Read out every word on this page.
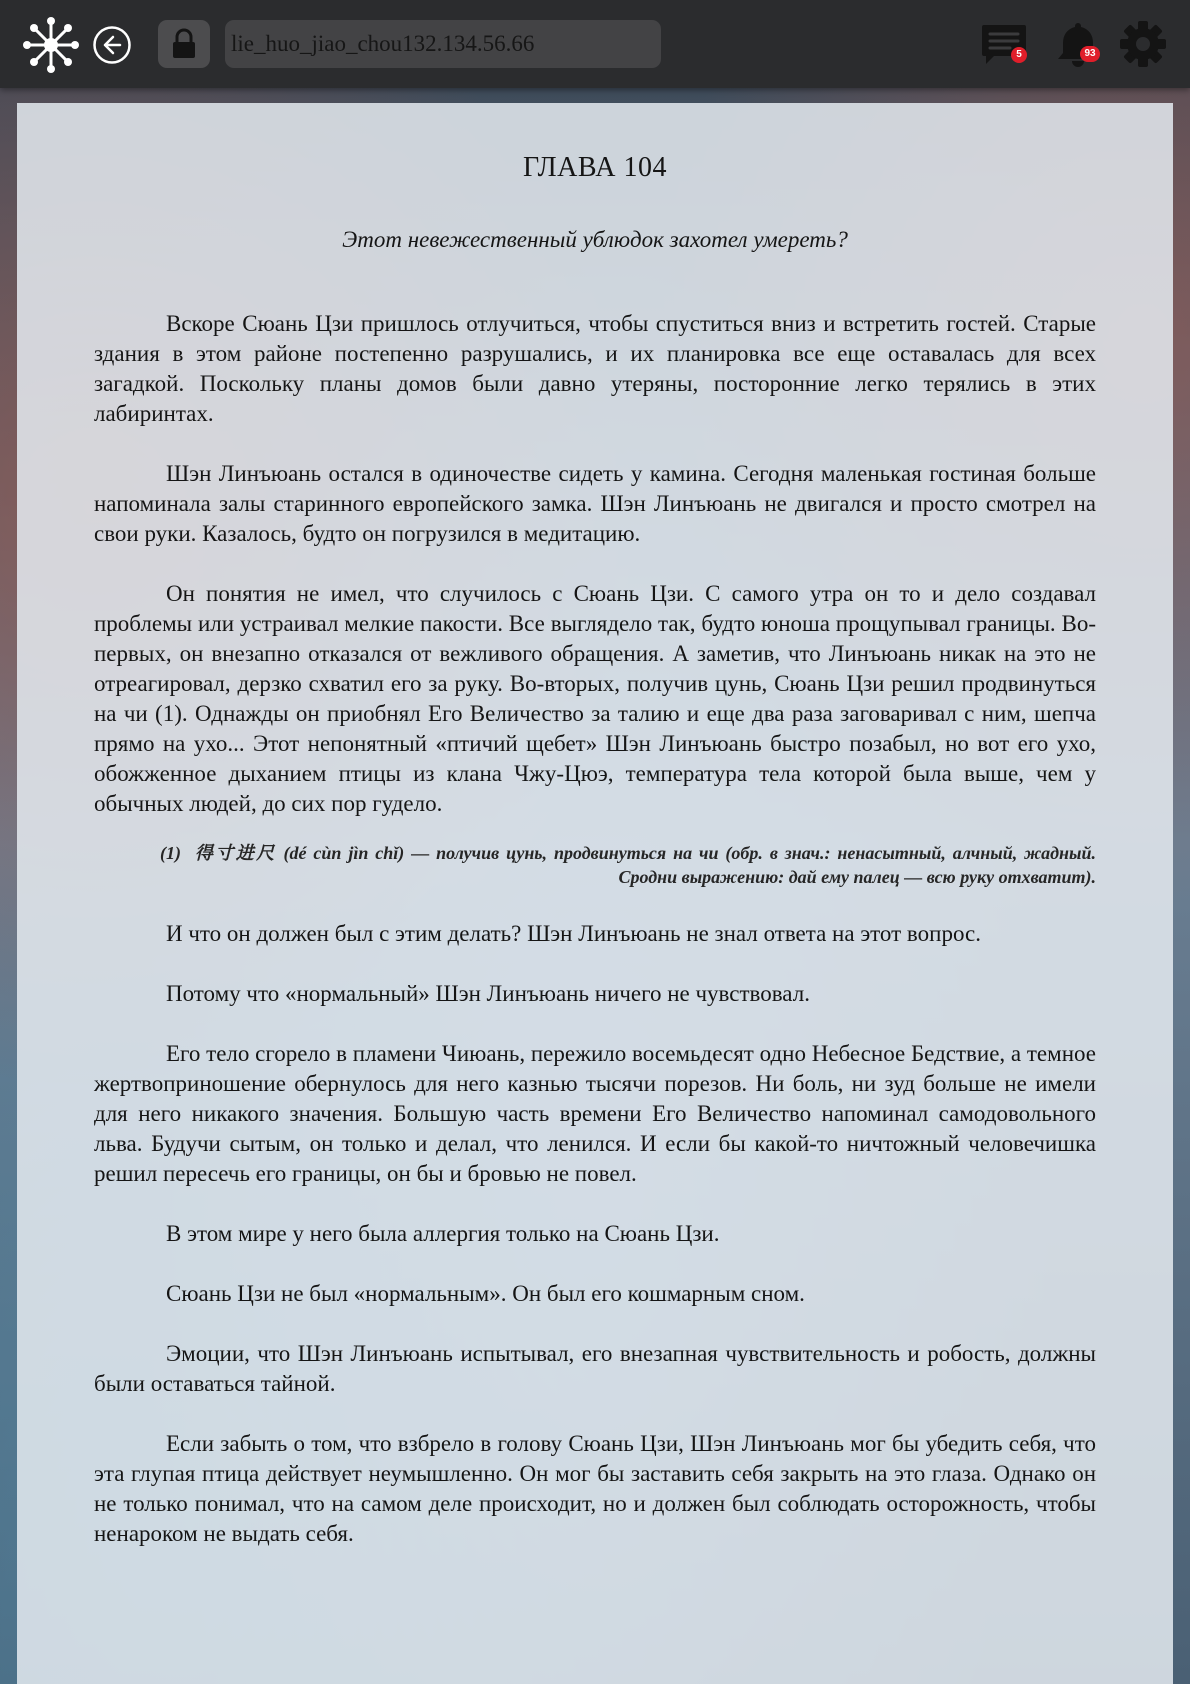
lie_huo_jiao_chou132.134.56.66	5	93
ГЛАВА 104

Этот невежественный ублюдок захотел умереть?

Вскоре Сюань Цзи пришлось отлучиться, чтобы спуститься вниз и встретить гостей. Старые здания в этом районе постепенно разрушались, и их планировка все еще оставалась для всех загадкой. Поскольку планы домов были давно утеряны, посторонние легко терялись в этих лабиринтах.

Шэн Линъюань остался в одиночестве сидеть у камина. Сегодня маленькая гостиная больше напоминала залы старинного европейского замка. Шэн Линъюань не двигался и просто смотрел на свои руки. Казалось, будто он погрузился в медитацию.

Он понятия не имел, что случилось с Сюань Цзи. С самого утра он то и дело создавал проблемы или устраивал мелкие пакости. Все выглядело так, будто юноша прощупывал границы. Во-первых, он внезапно отказался от вежливого обращения. А заметив, что Линъюань никак на это не отреагировал, дерзко схватил его за руку. Во-вторых, получив цунь, Сюань Цзи решил продвинуться на чи (1). Однажды он приобнял Его Величество за талию и еще два раза заговаривал с ним, шепча прямо на ухо... Этот непонятный «птичий щебет» Шэн Линъюань быстро позабыл, но вот его ухо, обожженное дыханием птицы из клана Чжу-Цюэ, температура тела которой была выше, чем у обычных людей, до сих пор гудело.

(1) 得寸进尺 (dé cùn jìn chǐ) — получив цунь, продвинуться на чи (обр. в знач.: ненасытный, алчный, жадный. Сродни выражению: дай ему палец — всю руку отхватит).

И что он должен был с этим делать? Шэн Линъюань не знал ответа на этот вопрос.

Потому что «нормальный» Шэн Линъюань ничего не чувствовал.

Его тело сгорело в пламени Чиюань, пережило восемьдесят одно Небесное Бедствие, а темное жертвоприношение обернулось для него казнью тысячи порезов. Ни боль, ни зуд больше не имели для него никакого значения. Большую часть времени Его Величество напоминал самодовольного льва. Будучи сытым, он только и делал, что ленился. И если бы какой-то ничтожный человечишка решил пересечь его границы, он бы и бровью не повел.

В этом мире у него была аллергия только на Сюань Цзи.

Сюань Цзи не был «нормальным». Он был его кошмарным сном.

Эмоции, что Шэн Линъюань испытывал, его внезапная чувствительность и робость, должны были оставаться тайной.

Если забыть о том, что взбрело в голову Сюань Цзи, Шэн Линъюань мог бы убедить себя, что эта глупая птица действует неумышленно. Он мог бы заставить себя закрыть на это глаза. Однако он не только понимал, что на самом деле происходит, но и должен был соблюдать осторожность, чтобы ненароком не выдать себя.
